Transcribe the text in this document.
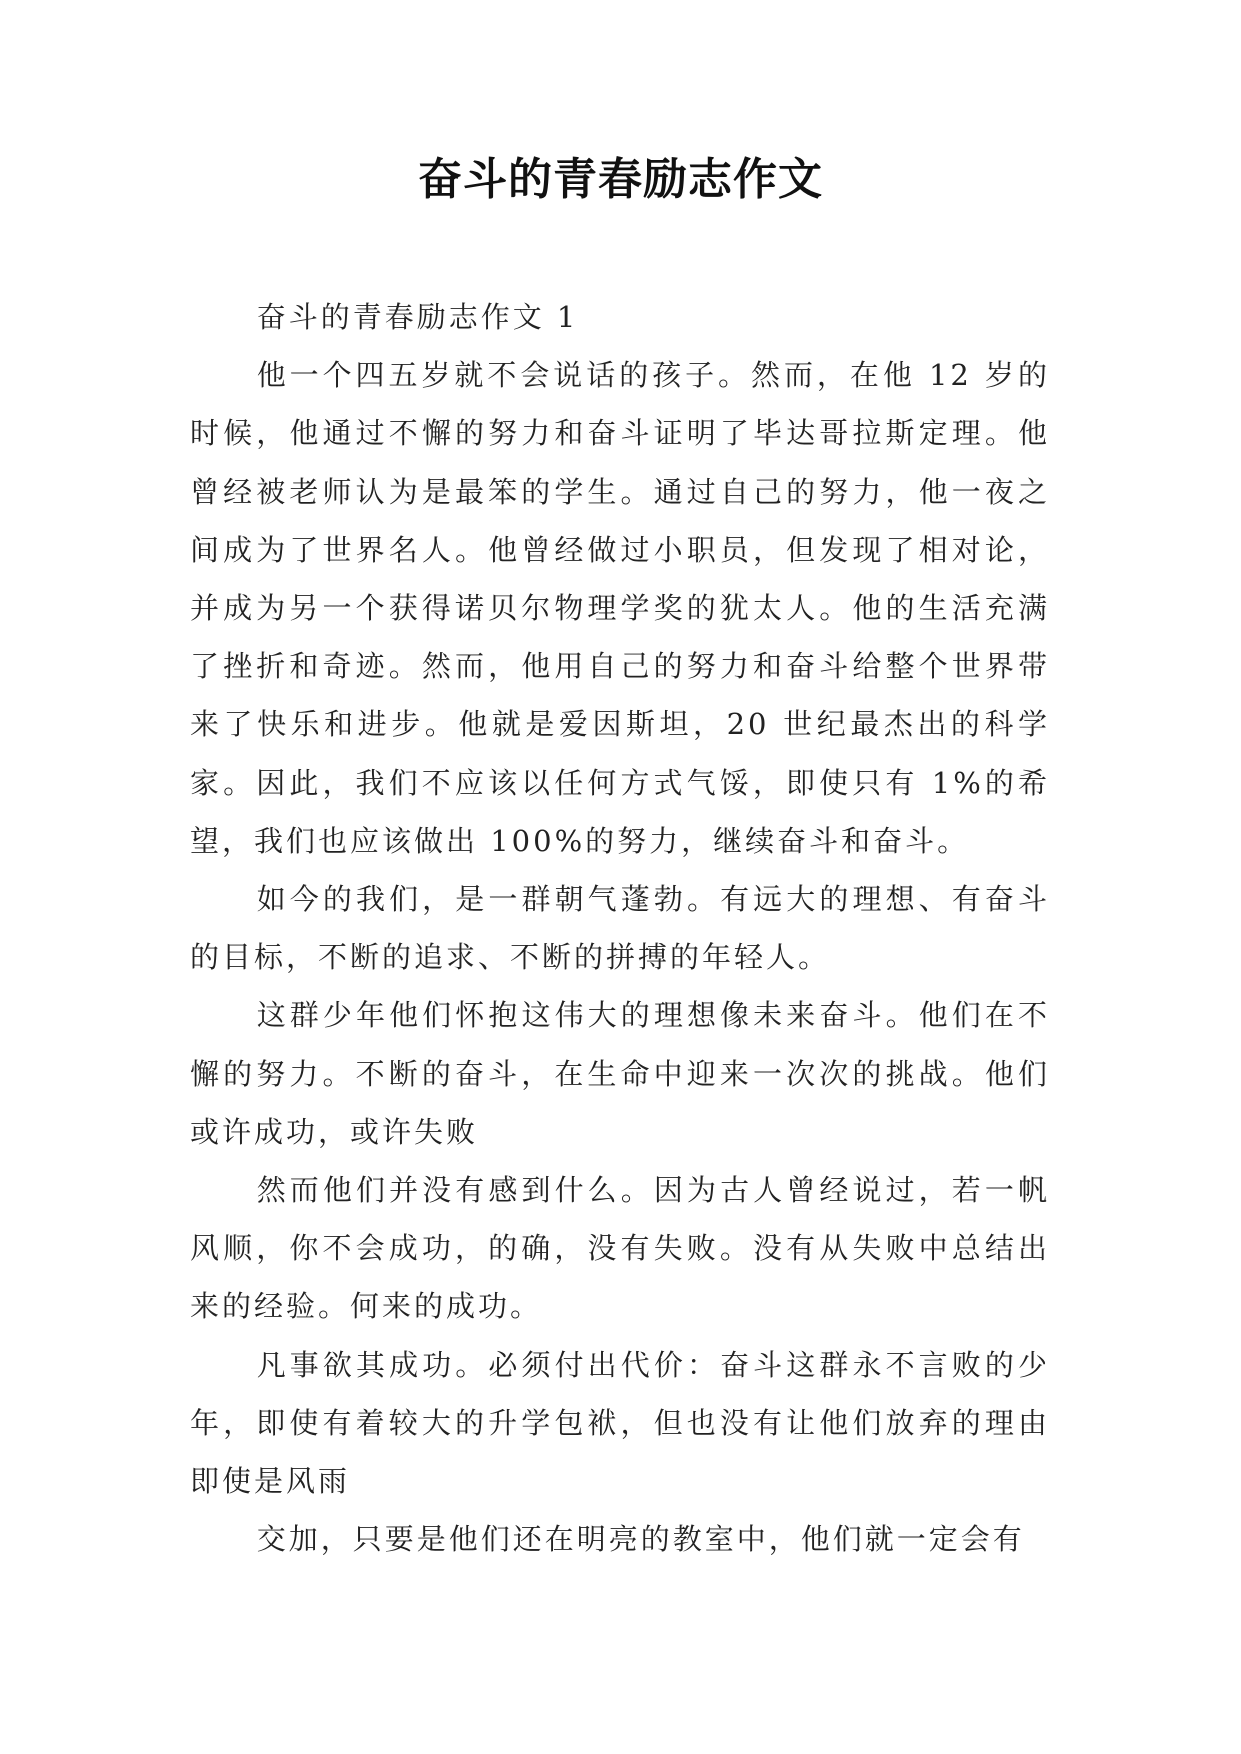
奋斗的青春励志作文

奋斗的青春励志作文 1

他一个四五岁就不会说话的孩子。然而，在他 12 岁的时候，他通过不懈的努力和奋斗证明了毕达哥拉斯定理。他曾经被老师认为是最笨的学生。通过自己的努力，他一夜之间成为了世界名人。他曾经做过小职员，但发现了相对论，并成为另一个获得诺贝尔物理学奖的犹太人。他的生活充满了挫折和奇迹。然而，他用自己的努力和奋斗给整个世界带来了快乐和进步。他就是爱因斯坦，20 世纪最杰出的科学家。因此，我们不应该以任何方式气馁，即使只有 1%的希望，我们也应该做出 100%的努力，继续奋斗和奋斗。

如今的我们，是一群朝气蓬勃。有远大的理想、有奋斗的目标，不断的追求、不断的拼搏的年轻人。

这群少年他们怀抱这伟大的理想像未来奋斗。他们在不懈的努力。不断的奋斗，在生命中迎来一次次的挑战。他们或许成功，或许失败

然而他们并没有感到什么。因为古人曾经说过，若一帆风顺，你不会成功，的确，没有失败。没有从失败中总结出来的经验。何来的成功。

凡事欲其成功。必须付出代价：奋斗这群永不言败的少年，即使有着较大的升学包袱，但也没有让他们放弃的理由即使是风雨

交加，只要是他们还在明亮的教室中，他们就一定会有
